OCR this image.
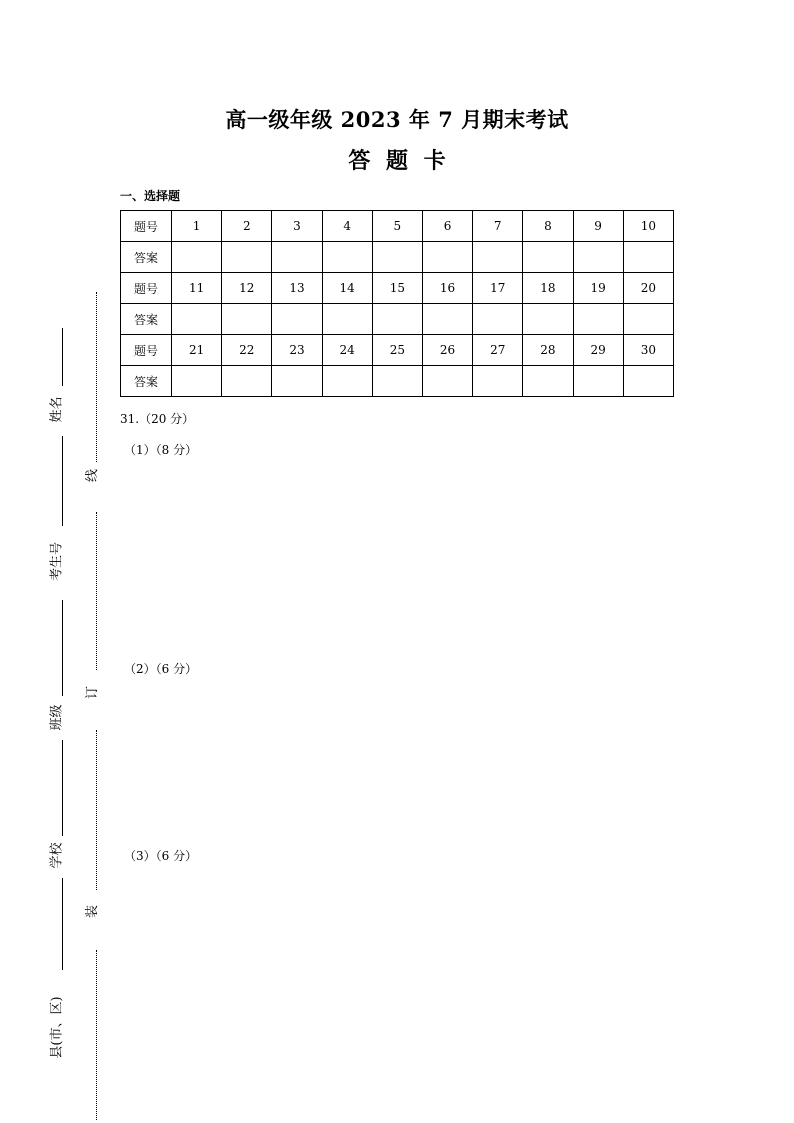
高一级年级 2023 年 7 月期末考试
答 题 卡
一、选择题
题号	1	2	3	4	5	6	7	8	9	10
答案										
题号	11	12	13	14	15	16	17	18	19	20
答案										
题号	21	22	23	24	25	26	27	28	29	30
答案										
31.（20 分）
（1）（8 分）
（2）（6 分）
（3）（6 分）
线
订
装
姓名
考生号
班级
学校
县(市、区)
